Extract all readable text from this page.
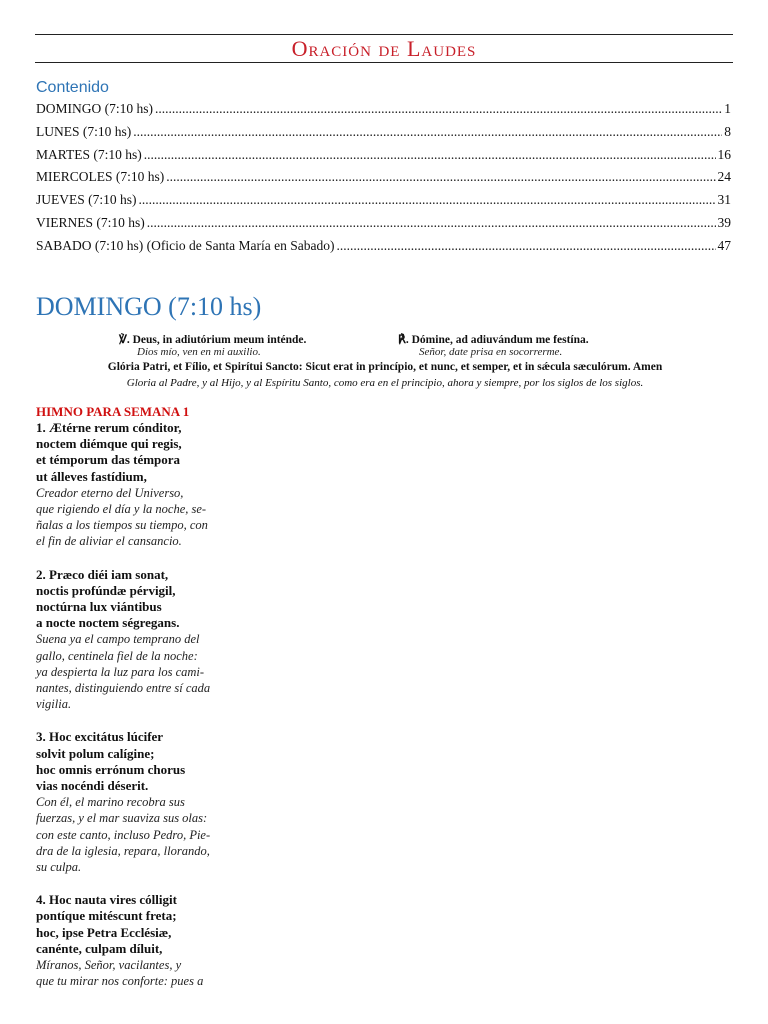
Oración de Laudes
Contenido
DOMINGO (7:10 hs) .....	1
LUNES (7:10 hs) .....	8
MARTES (7:10 hs) .....	16
MIERCOLES (7:10 hs) .....	24
JUEVES (7:10 hs) .....	31
VIERNES (7:10 hs) .....	39
SABADO (7:10 hs) (Oficio de Santa María en Sabado) .....	47
DOMINGO (7:10 hs)
℣. Deus, in adiutórium meum inténde.
Dios mío, ven en mi auxilio.
℟. Dómine, ad adiuvándum me festína.
Señor, date prisa en socorrerme.
Glória Patri, et Fílio, et Spirítui Sancto: Sicut erat in princípio, et nunc, et semper, et in sǽcula sæculórum. Amen
Gloria al Padre, y al Hijo, y al Espíritu Santo, como era en el principio, ahora y siempre, por los siglos de los siglos.
HIMNO PARA SEMANA 1
1. Ætérne rerum cónditor,
noctem diémque qui regis,
et témporum das témpora
ut álleves fastídium,
Creador eterno del Universo,
que rigiendo el día y la noche, se-
ñalas a los tiempos su tiempo, con
el fin de aliviar el cansancio.
2. Præco diéi iam sonat,
noctis profúndæ pérvigil,
noctúrna lux viántibus
a nocte noctem ségregans.
Suena ya el campo temprano del
gallo, centinela fiel de la noche:
ya despierta la luz para los cami-
nantes, distinguiendo entre sí cada
vigilia.
3. Hoc excitátus lúcifer
solvit polum calígine;
hoc omnis errónum chorus
vias nocéndi déserit.
Con él, el marino recobra sus
fuerzas, y el mar suaviza sus olas:
con este canto, incluso Pedro, Pie-
dra de la iglesia, repara, llorando,
su culpa.
4. Hoc nauta vires cólligit
pontíque mitéscunt freta;
hoc, ipse Petra Ecclésiæ,
canénte, culpam díluit,
Míranos, Señor, vacilantes, y
que tu mirar nos conforte: pues a
